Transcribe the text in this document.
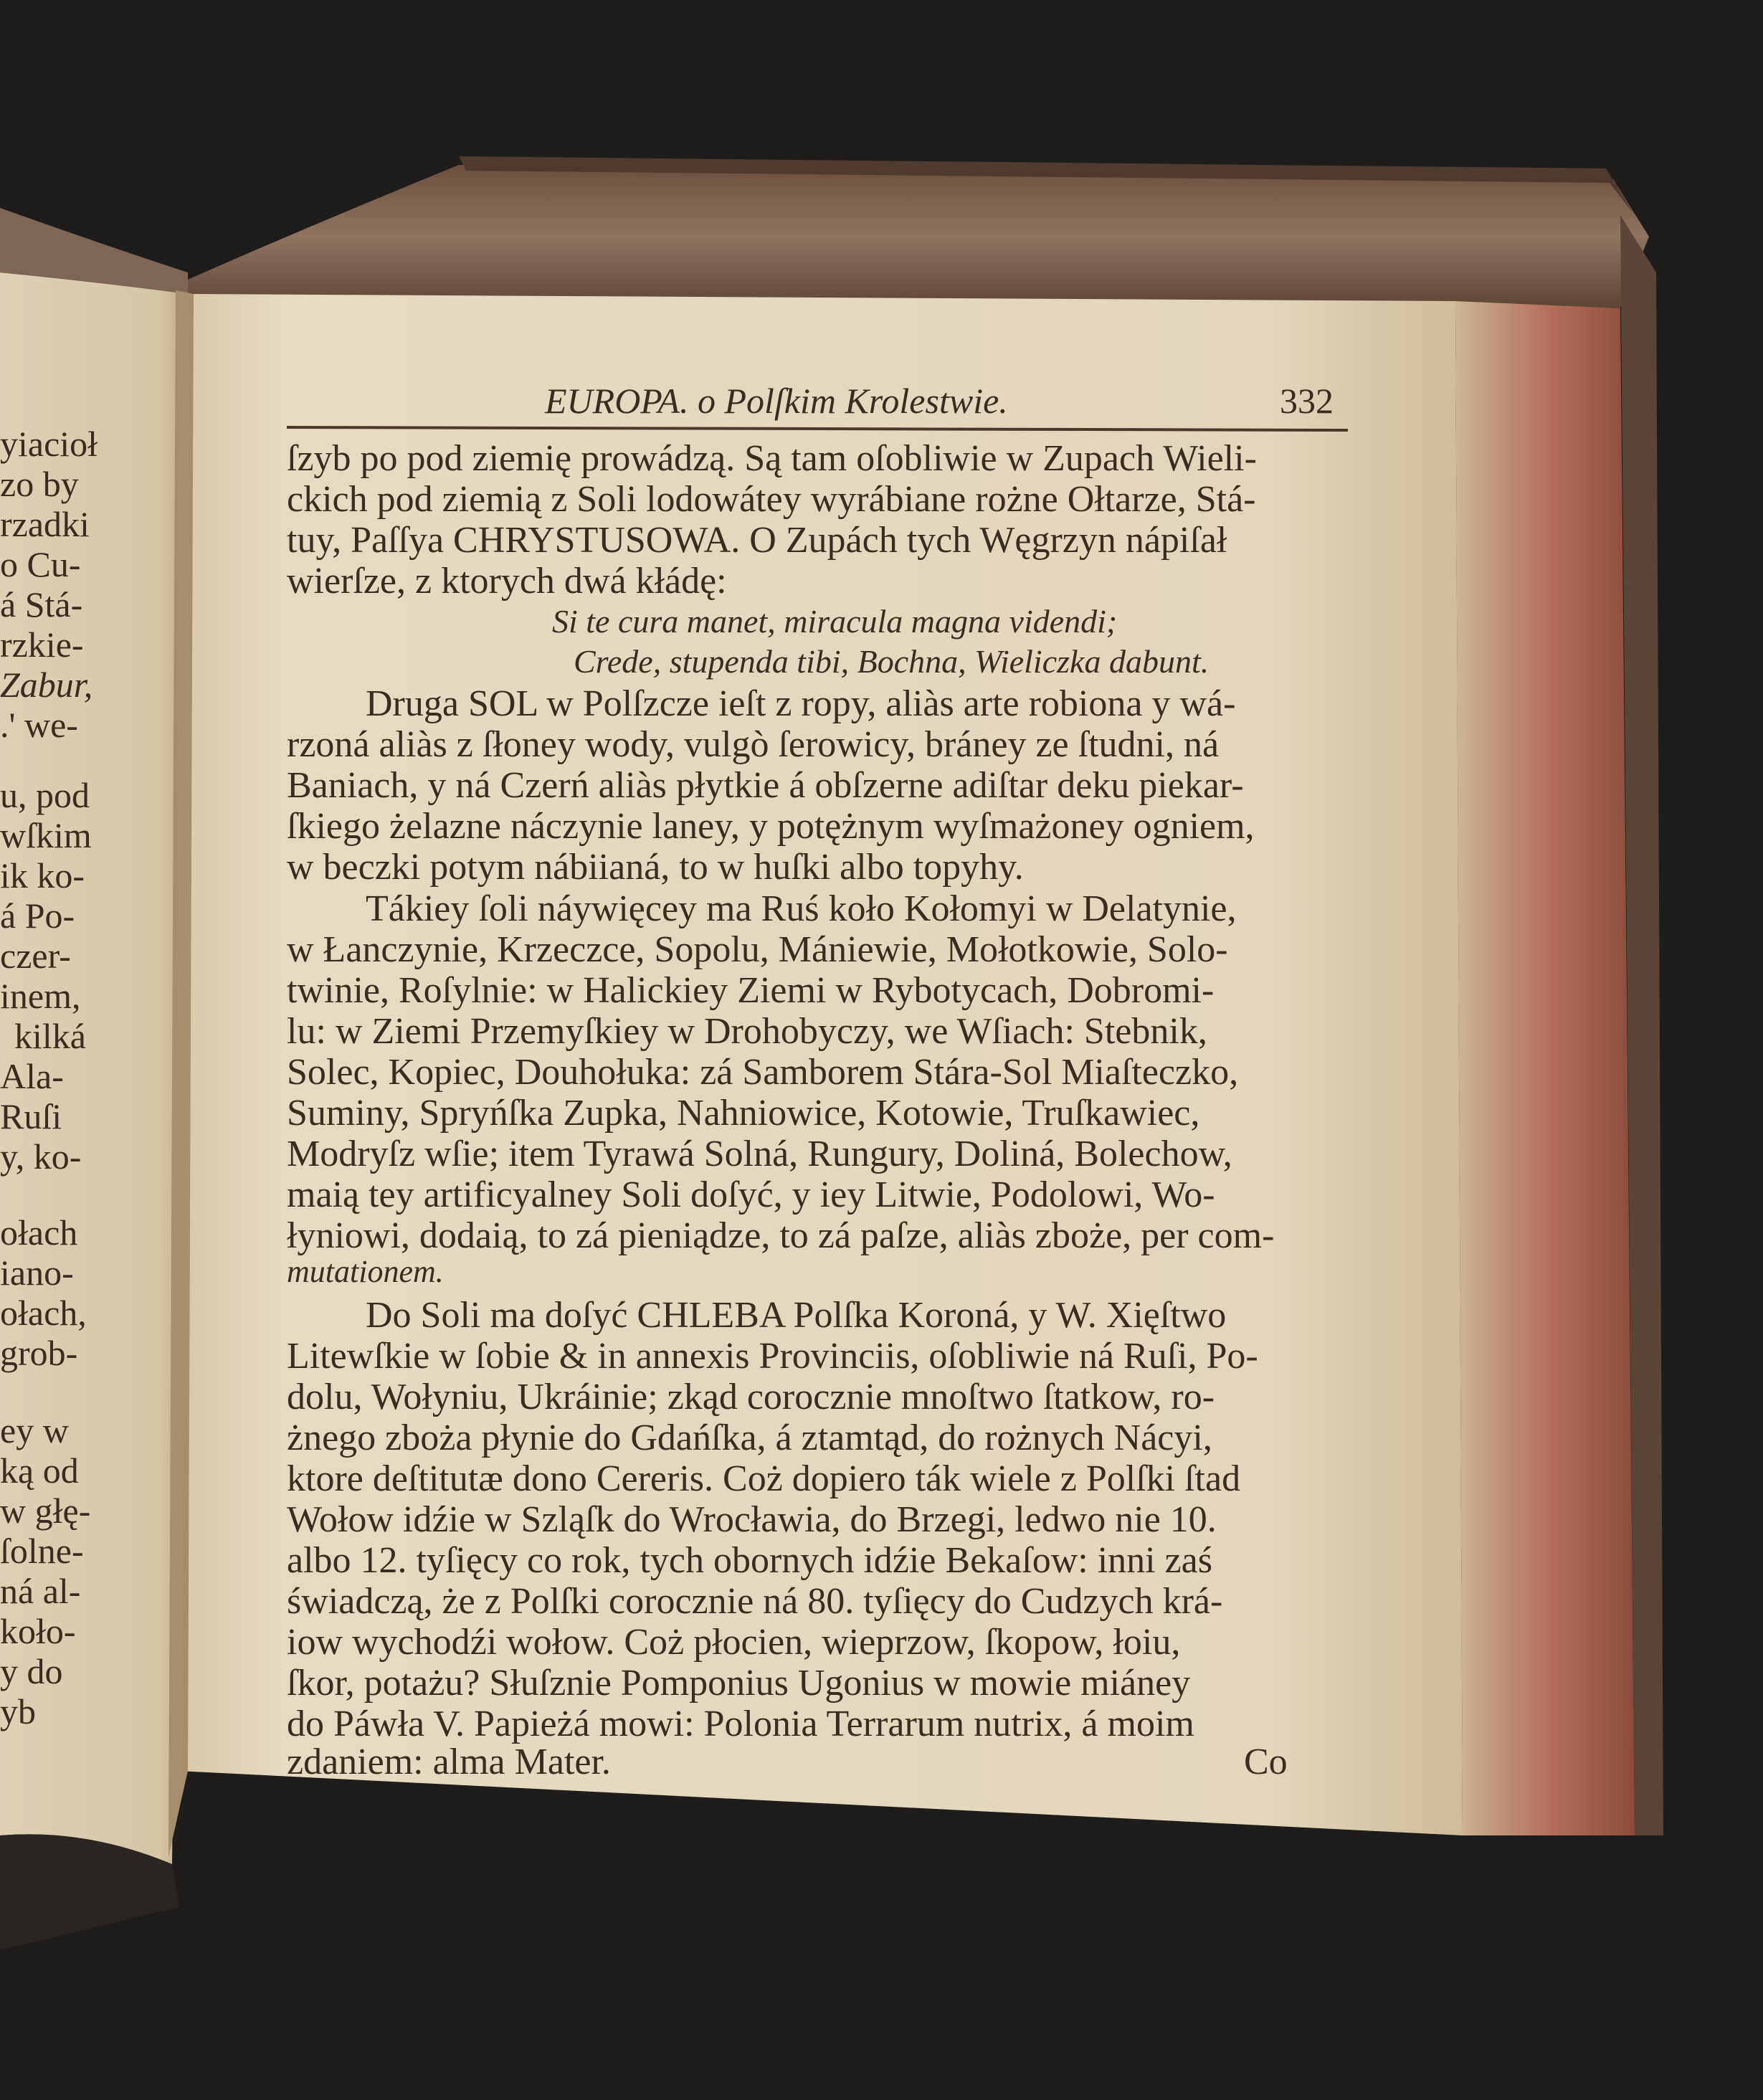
EUROPA. o Polſkim Krolestwie.	332
ſzyb po pod ziemię prowádzą. Są tam oſobliwie w Zupach Wieli-
ckich pod ziemią z Soli lodowátey wyrábiane rożne Ołtarze, Stá-
tuy, Paſſya CHRYSTUSOWA. O Zupách tych Węgrzyn nápiſał
wierſze, z ktorych dwá kłádę:
Si te cura manet, miracula magna videndi;
Crede, stupenda tibi, Bochna, Wieliczka dabunt.
Druga SOL w Polſzcze ieſt z ropy, aliàs arte robiona y wá-
rzoná aliàs z ſłoney wody, vulgò ſerowicy, bráney ze ſtudni, ná
Baniach, y ná Czerń aliàs płytkie á obſzerne adiſtar deku piekar-
ſkiego żelazne náczynie laney, y potężnym wyſmażoney ogniem,
w beczki potym nábiianá, to w huſki albo topyhy.
Tákiey ſoli náywięcey ma Ruś koło Kołomyi w Delatynie,
w Łanczynie, Krzeczce, Sopolu, Mániewie, Mołotkowie, Solo-
twinie, Roſylnie: w Halickiey Ziemi w Rybotycach, Dobromi-
lu: w Ziemi Przemyſkiey w Drohobyczy, we Wſiach: Stebnik,
Solec, Kopiec, Douhołuka: zá Samborem Stára-Sol Miaſteczko,
Suminy, Spryńſka Zupka, Nahniowice, Kotowie, Truſkawiec,
Modryſz wſie; item Tyrawá Solná, Rungury, Doliná, Bolechow,
maią tey artificyalney Soli doſyć, y iey Litwie, Podolowi, Wo-
łyniowi, dodaią, to zá pieniądze, to zá paſze, aliàs zboże, per com-
mutationem.
Do Soli ma doſyć CHLEBA Polſka Koroná, y W. Xięſtwo
Litewſkie w ſobie & in annexis Provinciis, oſobliwie ná Ruſi, Po-
dolu, Wołyniu, Ukráinie; zkąd corocznie mnoſtwo ſtatkow, ro-
żnego zboża płynie do Gdańſka, á ztamtąd, do rożnych Nácyi,
ktore deſtitutæ dono Cereris. Coż dopiero ták wiele z Polſki ſtad
Wołow idźie w Szląſk do Wrocławia, do Brzegi, ledwo nie 10.
albo 12. tyſięcy co rok, tych obornych idźie Bekaſow: inni zaś
świadczą, że z Polſki corocznie ná 80. tyſięcy do Cudzych krá-
iow wychodźi wołow. Coż płocien, wieprzow, ſkopow, łoiu,
ſkor, potażu? Słuſznie Pomponius Ugonius w mowie miáney
do Páwła V. Papieżá mowi: Polonia Terrarum nutrix, á moim
zdaniem: alma Mater.	Co
yiacioł
zo by
rzadki
o Cu-
á Stá-
rzkie-
Zabur,
.' we-
u, pod
wſkim
ik ko-
á Po-
czer-
inem,
kilká
Ala-
Ruſi
y, ko-
ołach
iano-
ołach,
grob-
ey w
ką od
w głę-
ſolne-
ná al-
koło-
y do
yb
